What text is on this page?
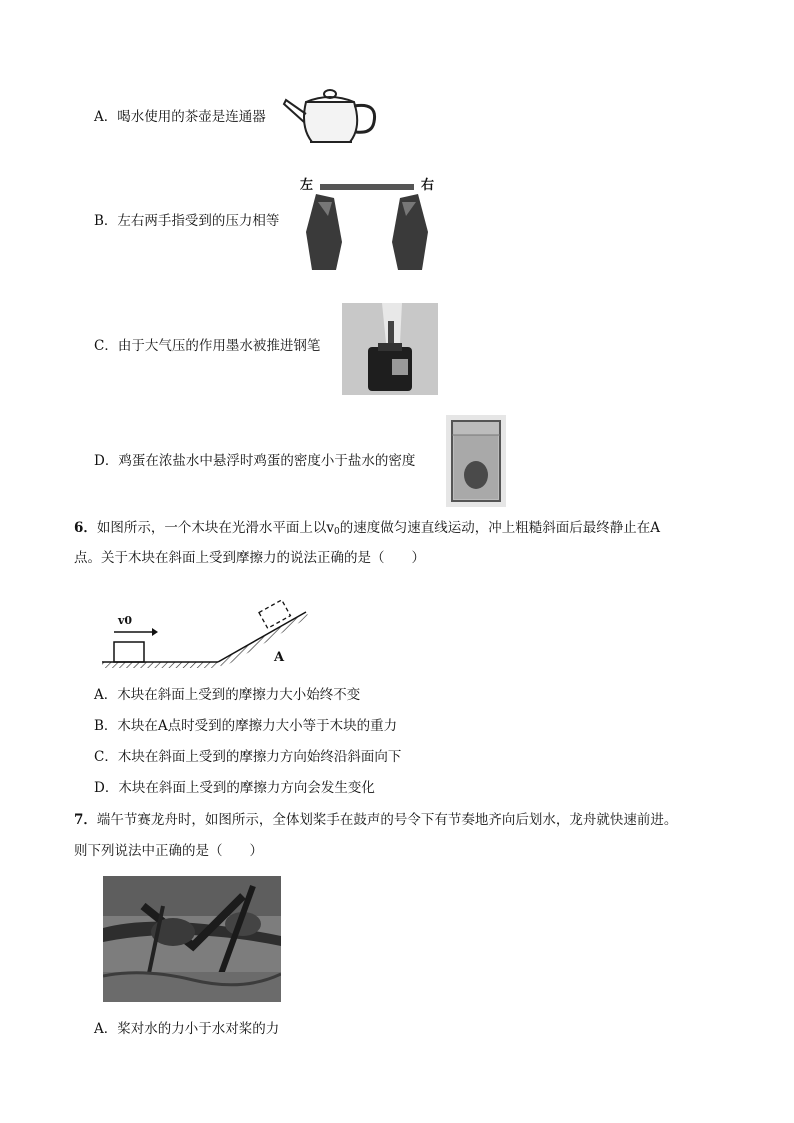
A．喝水使用的茶壶是连通器
B．左右两手指受到的压力相等
左	右
C．由于大气压的作用墨水被推进钢笔
D．鸡蛋在浓盐水中悬浮时鸡蛋的密度小于盐水的密度
6．如图所示，一个木块在光滑水平面上以$v_0$的速度做匀速直线运动，冲上粗糙斜面后最终静止在A
点。关于木块在斜面上受到摩擦力的说法正确的是（　　）
v0
A
A．木块在斜面上受到的摩擦力大小始终不变
B．木块在A点时受到的摩擦力大小等于木块的重力
C．木块在斜面上受到的摩擦力方向始终沿斜面向下
D．木块在斜面上受到的摩擦力方向会发生变化
7．端午节赛龙舟时，如图所示，全体划桨手在鼓声的号令下有节奏地齐向后划水，龙舟就快速前进。
则下列说法中正确的是（　　）
A．桨对水的力小于水对桨的力
